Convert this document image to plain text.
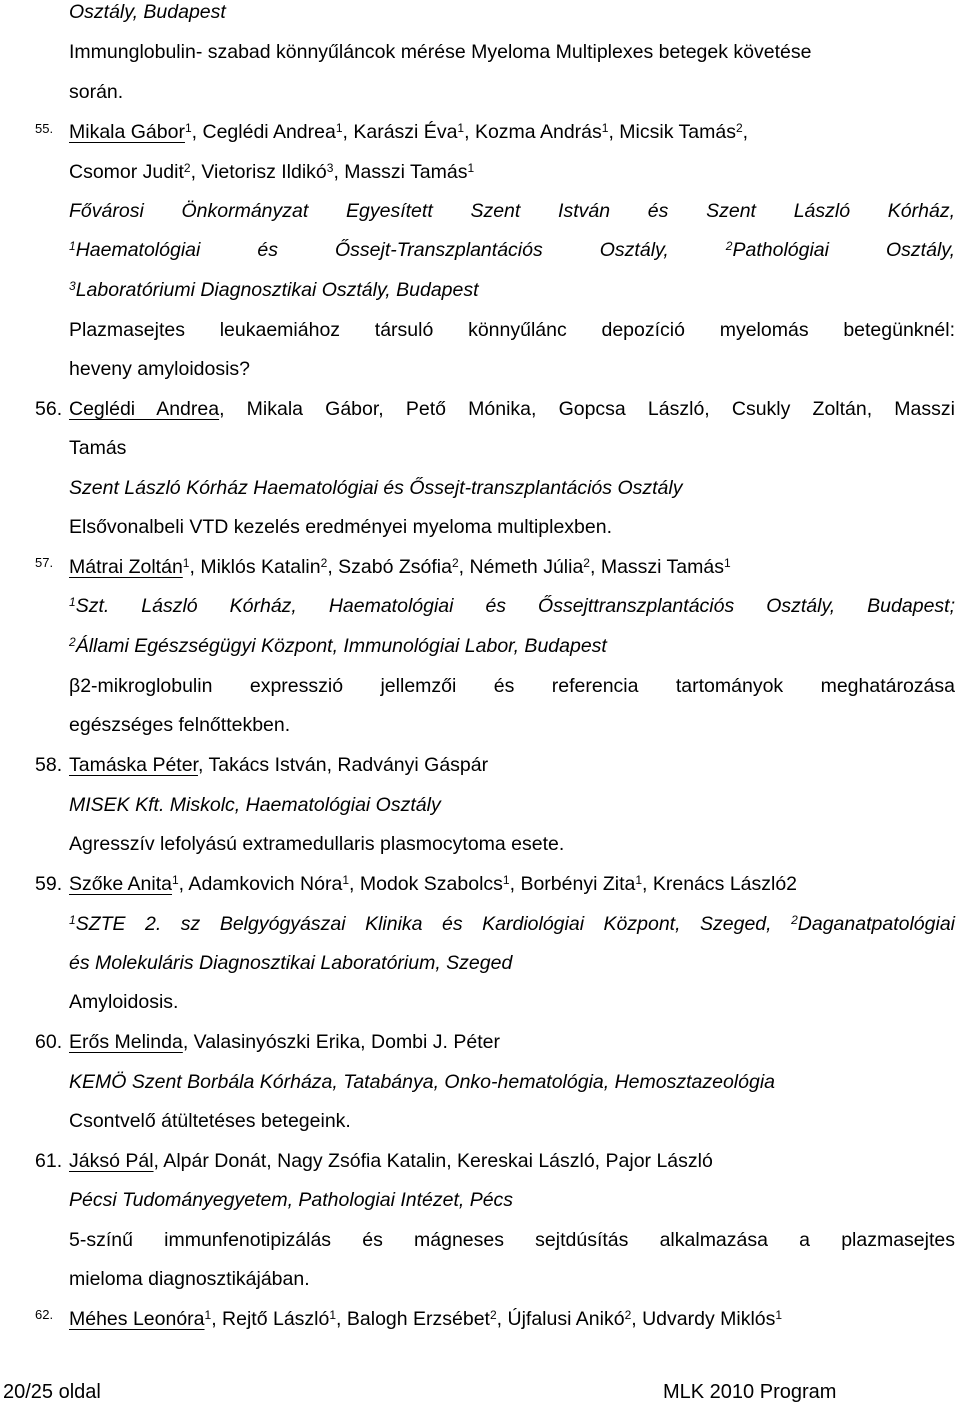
Osztály, Budapest
Immunglobulin- szabad könnyűláncok mérése Myeloma Multiplexes betegek követése
során.
55. Mikala Gábor$^1$, Ceglédi Andrea$^1$, Karászi Éva$^1$, Kozma András$^1$, Micsik Tamás$^2$,
Csomor Judit$^2$, Vietorisz Ildikó$^3$, Masszi Tamás$^1$
Fővárosi Önkormányzat Egyesített Szent István és Szent László Kórház,
$^1$Haematológiai és Őssejt-Transzplantációs Osztály,	$^2$Pathológiai Osztály,
$^3$Laboratóriumi Diagnosztikai Osztály, Budapest
Plazmasejtes leukaemiához társuló könnyűlánc depozíció myelomás betegünknél:
heveny amyloidosis?
56. Ceglédi Andrea, Mikala Gábor, Pető Mónika, Gopcsa László, Csukly Zoltán, Masszi
Tamás
Szent László Kórház Haematológiai és Őssejt-transzplantációs Osztály
Elsővonalbeli VTD kezelés eredményei myeloma multiplexben.
57. Mátrai Zoltán$^1$, Miklós Katalin$^2$, Szabó Zsófia$^2$, Németh Júlia$^2$, Masszi Tamás$^1$
$^1$Szt. László Kórház, Haematológiai és Őssejttranszplantációs Osztály, Budapest;
$^2$Állami Egészségügyi Központ, Immunológiai Labor, Budapest
β2-mikroglobulin expresszió jellemzői és referencia tartományok meghatározása
egészséges felnőttekben.
58. Tamáska Péter, Takács István, Radványi Gáspár
MISEK Kft. Miskolc, Haematológiai Osztály
Agresszív lefolyású extramedullaris plasmocytoma esete.
59. Szőke Anita$^1$, Adamkovich Nóra$^1$, Modok Szabolcs$^1$, Borbényi Zita$^1$, Krenács László2
$^1$SZTE 2. sz Belgyógyászai Klinika és Kardiológiai Központ, Szeged, $^2$Daganatpatológiai
és Molekuláris Diagnosztikai Laboratórium, Szeged
Amyloidosis.
60. Erős Melinda, Valasinyószki Erika, Dombi J. Péter
KEMÖ Szent Borbála Kórháza, Tatabánya, Onko-hematológia, Hemosztazeológia
Csontvelő átültetéses betegeink.
61. Jáksó Pál, Alpár Donát, Nagy Zsófia Katalin, Kereskai László, Pajor László
Pécsi Tudományegyetem, Pathologiai Intézet, Pécs
5-színű immunfenotipizálás és mágneses sejtdúsítás alkalmazása a plazmasejtes
mieloma diagnosztikájában.
62. Méhes Leonóra$^1$, Rejtő László$^1$, Balogh Erzsébet$^2$, Újfalusi Anikó$^2$, Udvardy Miklós$^1$
20/25 oldal	MLK 2010 Program
